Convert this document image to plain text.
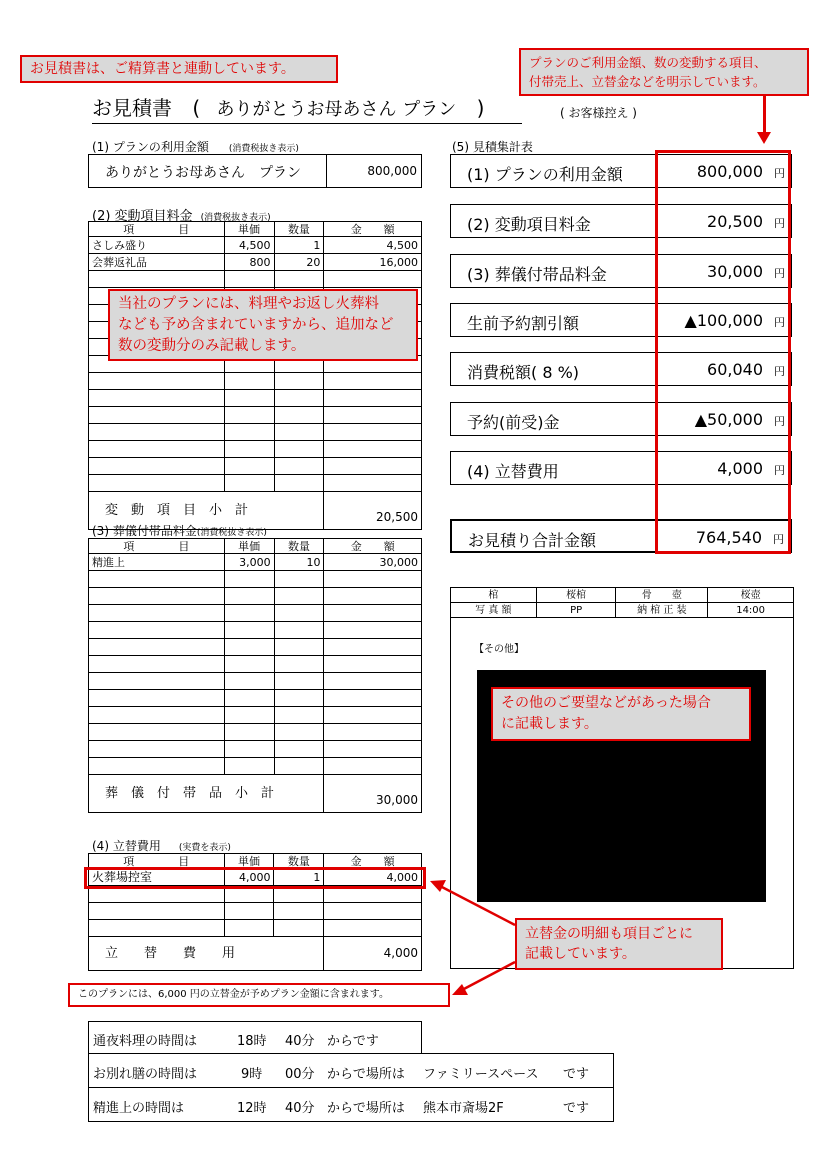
お見積書は、ご精算書と連動しています。	プランのご利用金額、数の変動する項目、
付帯売上、立替金などを明示しています。
お見積書 ( ありがとうお母あさん プラン )	( お客様控え )
(1) プランの利用金額 (消費税抜き表示)
ありがとうお母あさん　プラン	800,000
(2) 変動項目料金 (消費税抜き表示)
項　　　　目	単価	数量	金　　額
さしみ盛り	4,500	1	4,500
会葬返礼品	800	20	16,000

変　動　項　目　小　計			20,500
当社のプランには、料理やお返し火葬料
なども予め含まれていますから、追加など
数の変動分のみ記載します。
(3) 葬儀付帯品料金(消費税抜き表示)
項　　　　目	単価	数量	金　　額
精進上	3,000	10	30,000

葬　儀　付　帯　品　小　計			30,000
(4) 立替費用 (実費を表示)
項　　　　目	単価	数量	金　　額
火葬場控室	4,000	1	4,000

立　　替　　費　　用			4,000
このプランには、6,000 円の立替金が予めプラン金額に含まれます。
(5) 見積集計表
(1) プランの利用金額	800,000 円
(2) 変動項目料金	20,500 円
(3) 葬儀付帯品料金	30,000 円
生前予約割引額	▲100,000 円
消費税額( 8 %)	60,040 円
予約(前受)金	▲50,000 円
(4) 立替費用	4,000 円
お見積り合計金額	764,540 円
棺	桜棺	骨　　壺	桜壺
写 真 額	PP	納 棺 正 装	14:00
【その他】
その他のご要望などがあった場合
に記載します。
立替金の明細も項目ごとに
記載しています。
通夜料理の時間は	18時 40分 からです
お別れ膳の時間は	9時 00分 からで場所は ファミリースペース です
精進上の時間は	12時 40分 からで場所は 熊本市斎場2F	です
